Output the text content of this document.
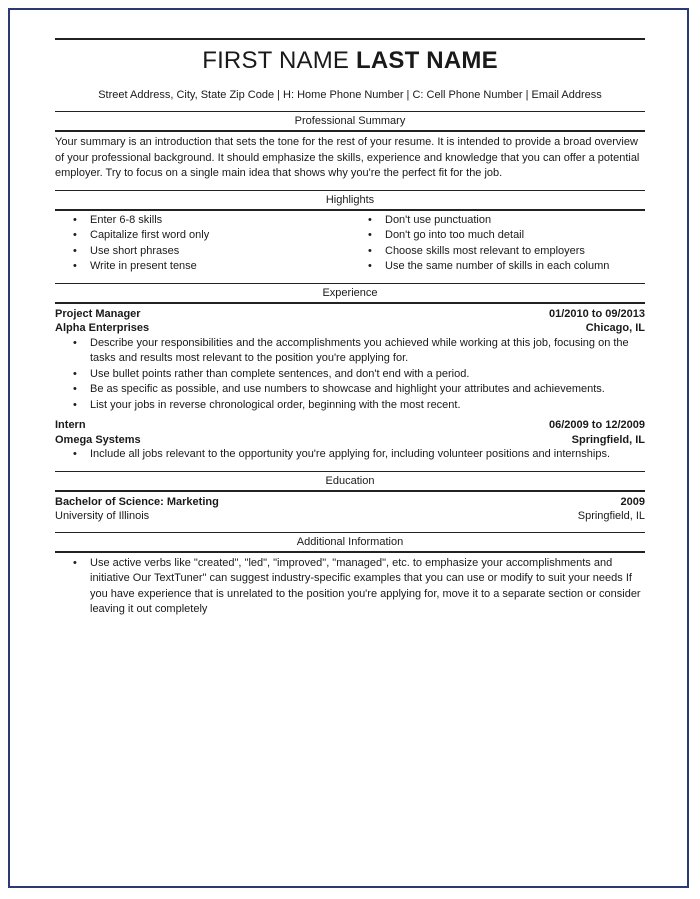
FIRST NAME LAST NAME
Street Address, City, State Zip Code | H: Home Phone Number | C: Cell Phone Number | Email Address
Professional Summary

Your summary is an introduction that sets the tone for the rest of your resume. It is intended to provide a broad overview of your professional background. It should emphasize the skills, experience and knowledge that you can offer a potential employer. Try to focus on a single main idea that shows why you're the perfect fit for the job.

Highlights
• Enter 6-8 skills
• Capitalize first word only
• Use short phrases
• Write in present tense
• Don't use punctuation
• Don't go into too much detail
• Choose skills most relevant to employers
• Use the same number of skills in each column
Experience
Project Manager	01/2010 to 09/2013
Alpha Enterprises	Chicago, IL
• Describe your responsibilities and the accomplishments you achieved while working at this job, focusing on the tasks and results most relevant to the position you're applying for.
• Use bullet points rather than complete sentences, and don't end with a period.
• Be as specific as possible, and use numbers to showcase and highlight your attributes and achievements.
• List your jobs in reverse chronological order, beginning with the most recent.
Intern	06/2009 to 12/2009
Omega Systems	Springfield, IL
• Include all jobs relevant to the opportunity you're applying for, including volunteer positions and internships.
Education
Bachelor of Science: Marketing	2009
University of Illinois	Springfield, IL
Additional Information
• Use active verbs like "created", "led", "improved", "managed", etc. to emphasize your accomplishments and initiative Our TextTuner" can suggest industry-specific examples that you can use or modify to suit your needs If you have experience that is unrelated to the position you're applying for, move it to a separate section or consider leaving it out completely
